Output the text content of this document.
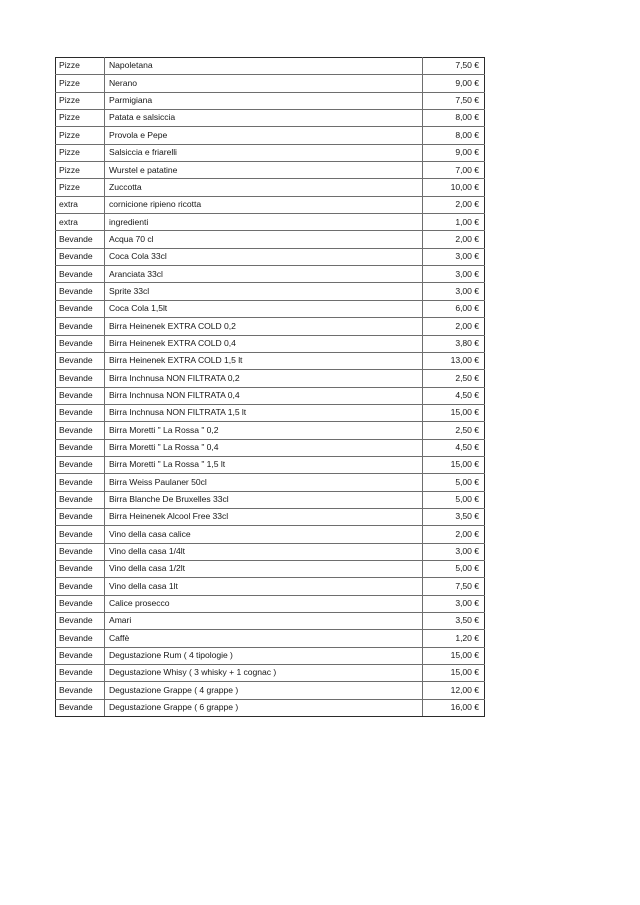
Pizze	Napoletana	7,50 €
Pizze	Nerano	9,00 €
Pizze	Parmigiana	7,50 €
Pizze	Patata e salsiccia	8,00 €
Pizze	Provola e Pepe	8,00 €
Pizze	Salsiccia e friarelli	9,00 €
Pizze	Wurstel e patatine	7,00 €
Pizze	Zuccotta	10,00 €
extra	cornicione ripieno ricotta	2,00 €
extra	ingredienti	1,00 €
Bevande	Acqua 70 cl	2,00 €
Bevande	Coca Cola 33cl	3,00 €
Bevande	Aranciata 33cl	3,00 €
Bevande	Sprite 33cl	3,00 €
Bevande	Coca Cola 1,5lt	6,00 €
Bevande	Birra Heinenek EXTRA COLD 0,2	2,00 €
Bevande	Birra Heinenek EXTRA COLD 0,4	3,80 €
Bevande	Birra Heinenek EXTRA COLD 1,5 lt	13,00 €
Bevande	Birra Inchnusa NON FILTRATA 0,2	2,50 €
Bevande	Birra Inchnusa NON FILTRATA 0,4	4,50 €
Bevande	Birra Inchnusa NON FILTRATA 1,5 lt	15,00 €
Bevande	Birra Moretti " La Rossa " 0,2	2,50 €
Bevande	Birra Moretti " La Rossa " 0,4	4,50 €
Bevande	Birra Moretti " La Rossa " 1,5 lt	15,00 €
Bevande	Birra Weiss Paulaner 50cl	5,00 €
Bevande	Birra Blanche De Bruxelles 33cl	5,00 €
Bevande	Birra Heinenek Alcool Free 33cl	3,50 €
Bevande	Vino della casa calice	2,00 €
Bevande	Vino della casa 1/4lt	3,00 €
Bevande	Vino della casa 1/2lt	5,00 €
Bevande	Vino della casa 1lt	7,50 €
Bevande	Calice prosecco	3,00 €
Bevande	Amari	3,50 €
Bevande	Caffè	1,20 €
Bevande	Degustazione Rum ( 4 tipologie )	15,00 €
Bevande	Degustazione Whisy ( 3 whisky + 1 cognac )	15,00 €
Bevande	Degustazione Grappe ( 4 grappe )	12,00 €
Bevande	Degustazione Grappe ( 6 grappe )	16,00 €
